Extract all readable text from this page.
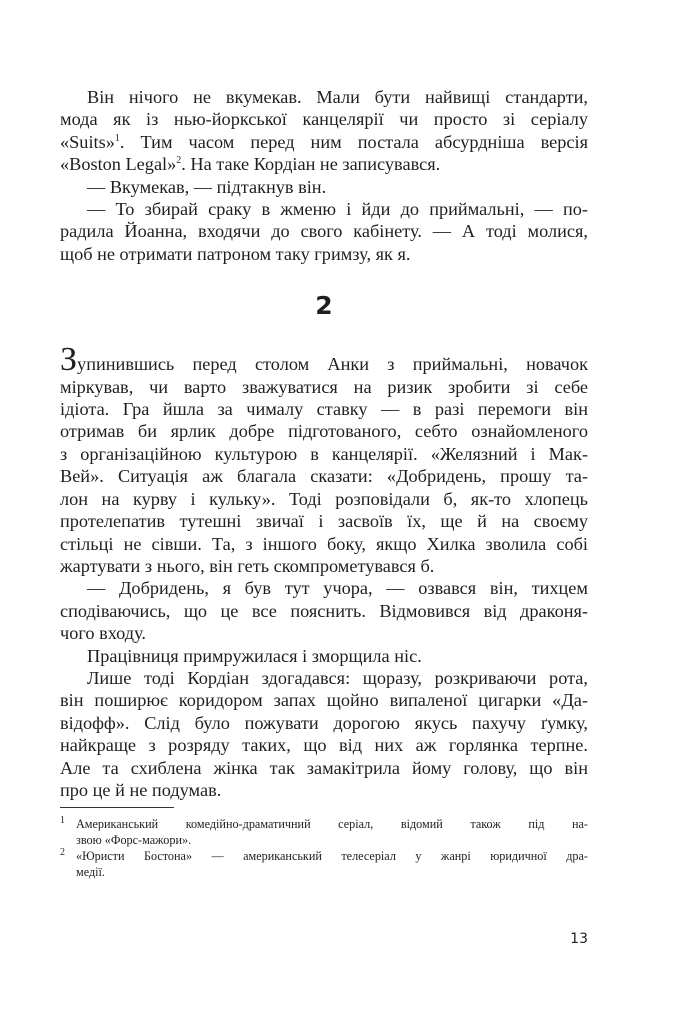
Він нічого не вкумекав. Мали бути найвищі стандарти,
мода як із нью-йоркської канцелярії чи просто зі серіалу
«Suits»$^1$. Тим часом перед ним постала абсурдніша версія
«Boston Legal»$^2$. На таке Кордіан не записувався.
— Вкумекав, — підтакнув він.
— То збирай сраку в жменю і йди до приймальні, — по-
радила Йоанна, входячи до свого кабінету. — А тоді молися,
щоб не отримати патроном таку гримзу, як я.
2
Зупинившись перед столом Анки з приймальні, новачок
міркував, чи варто зважуватися на ризик зробити зі себе
ідіота. Гра йшла за чималу ставку — в разі перемоги він
отримав би ярлик добре підготованого, себто ознайомленого
з організаційною культурою в канцелярії. «Желязний і Мак-
Вей». Ситуація аж благала сказати: «Добридень, прошу та-
лон на курву і кульку». Тоді розповідали б, як-то хлопець
протелепатив тутешні звичаї і засвоїв їх, ще й на своєму
стільці не сівши. Та, з іншого боку, якщо Хилка зволила собі
жартувати з нього, він геть скомпрометувався б.
— Добридень, я був тут учора, — озвався він, тихцем
сподіваючись, що це все пояснить. Відмовився від драконя-
чого входу.
Працівниця примружилася і зморщила ніс.
Лише тоді Кордіан здогадався: щоразу, розкриваючи рота,
він поширює коридором запах щойно випаленої цигарки «Да-
відофф». Слід було пожувати дорогою якусь пахучу ґумку,
найкраще з розряду таких, що від них аж горлянка терпне.
Але та схиблена жінка так замакітрила йому голову, що він
про це й не подумав.
1 Американський комедійно-драматичний серіал, відомий також під на-
звою «Форс-мажори».
2 «Юристи Бостона» — американський телесеріал у жанрі юридичної дра-
медії.
13
